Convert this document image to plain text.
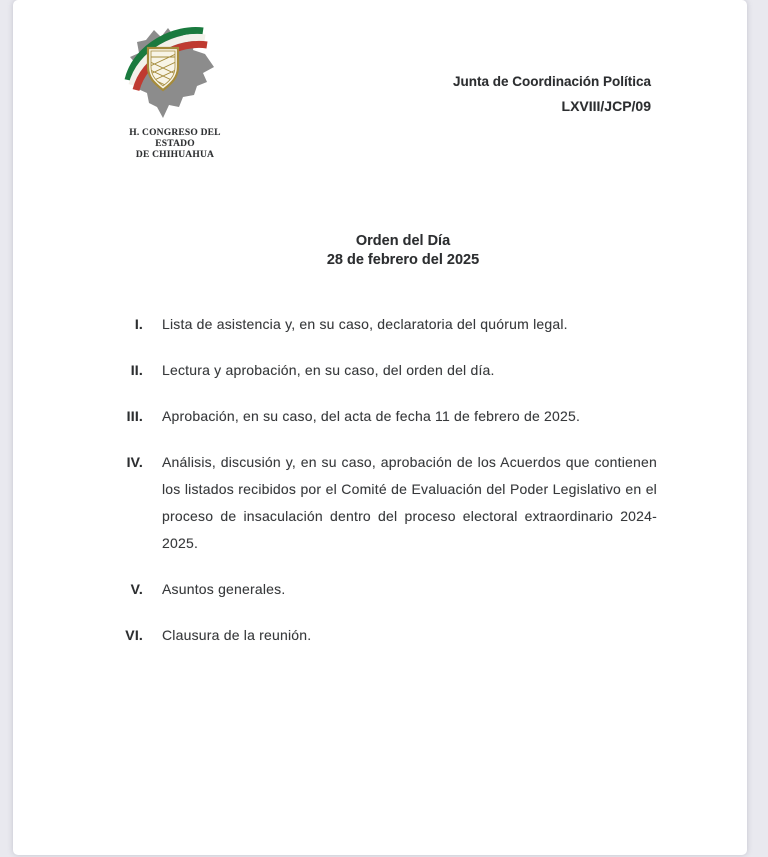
H. CONGRESO DEL ESTADO
DE CHIHUAHUA
Junta de Coordinación Política
LXVIII/JCP/09
Orden del Día
28 de febrero del 2025
I. Lista de asistencia y, en su caso, declaratoria del quórum legal.
II. Lectura y aprobación, en su caso, del orden del día.
III. Aprobación, en su caso, del acta de fecha 11 de febrero de 2025.
IV. Análisis, discusión y, en su caso, aprobación de los Acuerdos que contienen los listados recibidos por el Comité de Evaluación del Poder Legislativo en el proceso de insaculación dentro del proceso electoral extraordinario 2024-2025.
V. Asuntos generales.
VI. Clausura de la reunión.
